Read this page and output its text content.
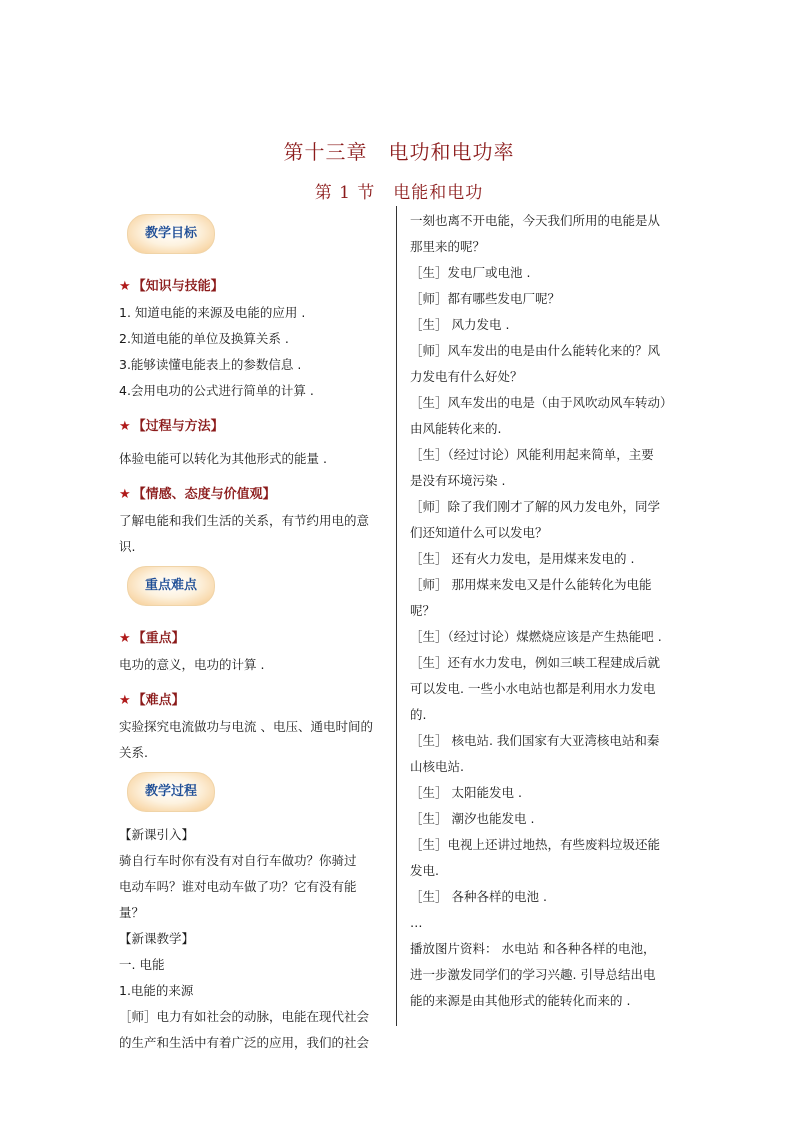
第十三章　电功和电功率
第 1 节　电能和电功
教学目标
★ 【知识与技能】

1. 知道电能的来源及电能的应用 .

2.知道电能的单位及换算关系 .

3.能够读懂电能表上的参数信息 .

4.会用电功的公式进行简单的计算 .

★ 【过程与方法】

体验电能可以转化为其他形式的能量 .

★ 【情感、态度与价值观】

了解电能和我们生活的关系，有节约用电的意

识.

重点难点
★ 【重点】

电功的意义，电功的计算 .

★ 【难点】

实验探究电流做功与电流 、电压、通电时间的

关系.

教学过程

【新课引入】

骑自行车时你有没有对自行车做功？你骑过

电动车吗？谁对电动车做了功？它有没有能

量？

【新课教学】

一. 电能

1.电能的来源

［师］电力有如社会的动脉，电能在现代社会

的生产和生活中有着广泛的应用，我们的社会

一刻也离不开电能，今天我们所用的电能是从

那里来的呢？

［生］发电厂或电池 .

［师］都有哪些发电厂呢？

［生］ 风力发电 .

［师］风车发出的电是由什么能转化来的？风

力发电有什么好处？

［生］风车发出的电是（由于风吹动风车转动）

由风能转化来的.

［生］（经过讨论）风能利用起来简单，主要

是没有环境污染 .

［师］除了我们刚才了解的风力发电外，同学

们还知道什么可以发电？

［生］ 还有火力发电，是用煤来发电的 .

［师］ 那用煤来发电又是什么能转化为电能

呢？

［生］（经过讨论）煤燃烧应该是产生热能吧 .

［生］还有水力发电，例如三峡工程建成后就

可以发电. 一些小水电站也都是利用水力发电

的.

［生］ 核电站. 我们国家有大亚湾核电站和秦

山核电站.

［生］ 太阳能发电 .

［生］ 潮汐也能发电 .

［生］电视上还讲过地热，有些废料垃圾还能

发电.

［生］ 各种各样的电池 .

…

播放图片资料： 水电站 和各种各样的电池，

进一步激发同学们的学习兴趣. 引导总结出电

能的来源是由其他形式的能转化而来的 .
